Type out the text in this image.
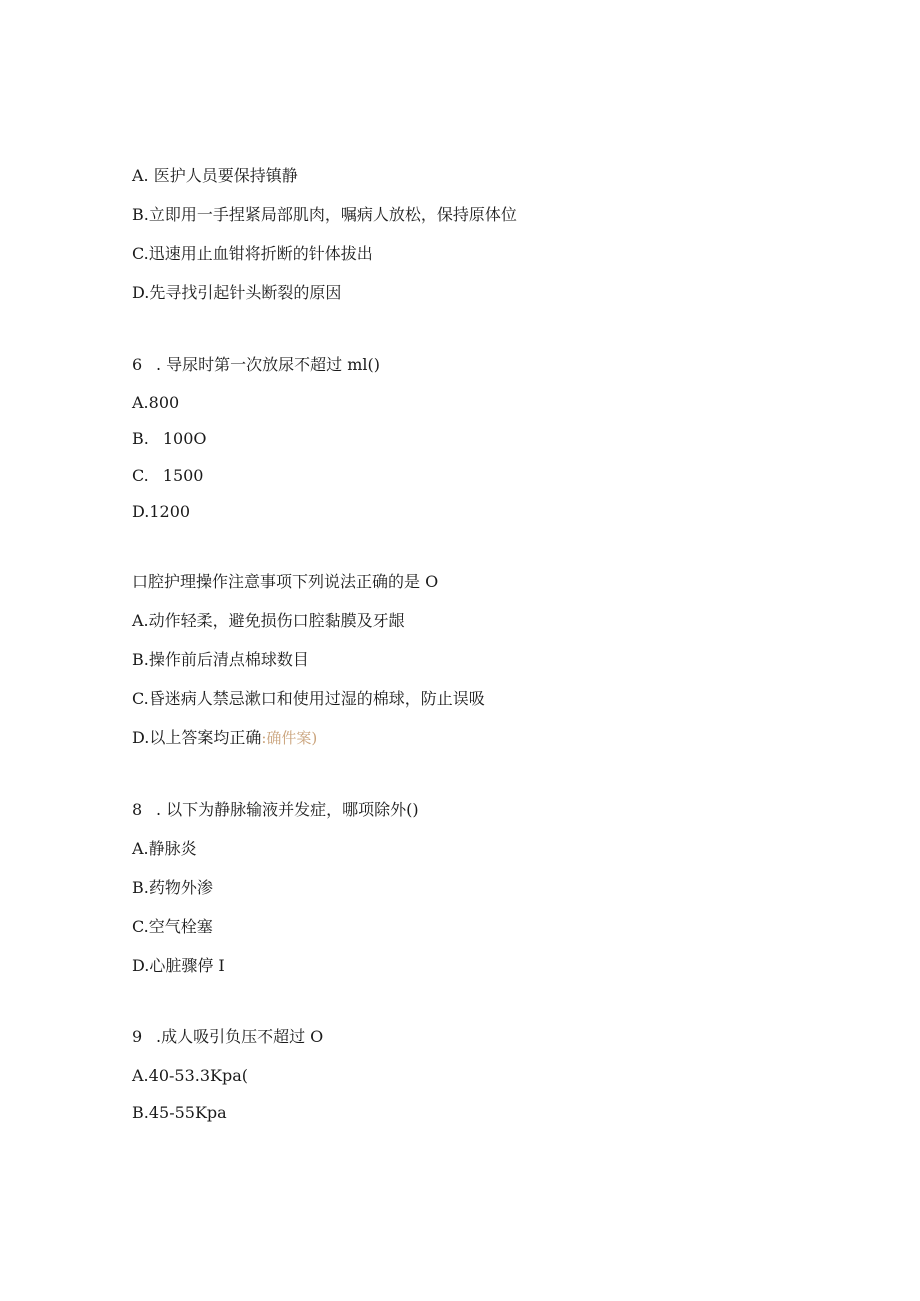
A. 医护人员要保持镇静
B.立即用一手捏紧局部肌肉，嘱病人放松，保持原体位
C.迅速用止血钳将折断的针体拔出
D.先寻找引起针头断裂的原因
6 . 导尿时第一次放尿不超过 ml()
A.800
B. 100O
C. 1500
D.1200
口腔护理操作注意事项下列说法正确的是 O
A.动作轻柔，避免损伤口腔黏膜及牙龈
B.操作前后清点棉球数目
C.昏迷病人禁忌漱口和使用过湿的棉球，防止误吸
D.以上答案均正确:确件案)
8 . 以下为静脉输液并发症，哪项除外()
A.静脉炎
B.药物外渗
C.空气栓塞
D.心脏骤停 I
9 .成人吸引负压不超过 O
A.40-53.3Kpa(
B.45-55Kpa
